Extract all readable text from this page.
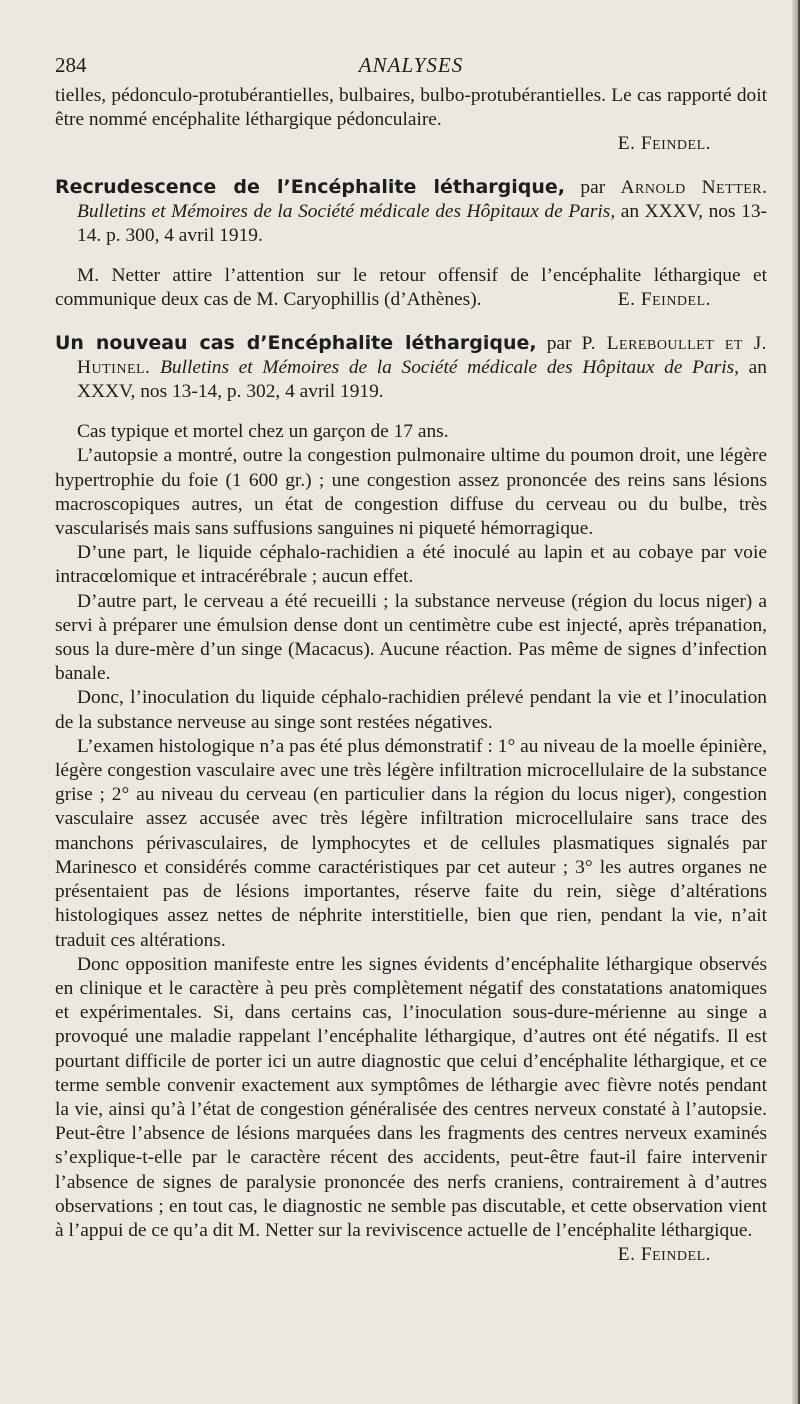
284	ANALYSES

tielles, pédonculo-protubérantielles, bulbaires, bulbo-protubérantielles. Le cas rapporté doit être nommé encéphalite léthargique pédonculaire.

E. Feindel.

Recrudescence de l’Encéphalite léthargique, par Arnold Netter. Bulletins et Mémoires de la Société médicale des Hôpitaux de Paris, an XXXV, nos 13-14. p. 300, 4 avril 1919.

M. Netter attire l’attention sur le retour offensif de l’encéphalite léthargique et communique deux cas de M. Caryophillis (d’Athènes).	E. Feindel.

Un nouveau cas d’Encéphalite léthargique, par P. Lereboullet et J. Hutinel. Bulletins et Mémoires de la Société médicale des Hôpitaux de Paris, an XXXV, nos 13-14, p. 302, 4 avril 1919.

Cas typique et mortel chez un garçon de 17 ans.

L’autopsie a montré, outre la congestion pulmonaire ultime du poumon droit, une légère hypertrophie du foie (1 600 gr.) ; une congestion assez prononcée des reins sans lésions macroscopiques autres, un état de congestion diffuse du cerveau ou du bulbe, très vascularisés mais sans suffusions sanguines ni piqueté hémorragique.

D’une part, le liquide céphalo-rachidien a été inoculé au lapin et au cobaye par voie intracœlomique et intracérébrale ; aucun effet.

D’autre part, le cerveau a été recueilli ; la substance nerveuse (région du locus niger) a servi à préparer une émulsion dense dont un centimètre cube est injecté, après trépanation, sous la dure-mère d’un singe (Macacus). Aucune réaction. Pas même de signes d’infection banale.

Donc, l’inoculation du liquide céphalo-rachidien prélevé pendant la vie et l’inoculation de la substance nerveuse au singe sont restées négatives.

L’examen histologique n’a pas été plus démonstratif : 1° au niveau de la moelle épinière, légère congestion vasculaire avec une très légère infiltration microcellulaire de la substance grise ; 2° au niveau du cerveau (en particulier dans la région du locus niger), congestion vasculaire assez accusée avec très légère infiltration microcellulaire sans trace des manchons périvasculaires, de lymphocytes et de cellules plasmatiques signalés par Marinesco et considérés comme caractéristiques par cet auteur ; 3° les autres organes ne présentaient pas de lésions importantes, réserve faite du rein, siège d’altérations histologiques assez nettes de néphrite interstitielle, bien que rien, pendant la vie, n’ait traduit ces altérations.

Donc opposition manifeste entre les signes évidents d’encéphalite léthargique observés en clinique et le caractère à peu près complètement négatif des constatations anatomiques et expérimentales. Si, dans certains cas, l’inoculation sous-dure-mérienne au singe a provoqué une maladie rappelant l’encéphalite léthargique, d’autres ont été négatifs. Il est pourtant difficile de porter ici un autre diagnostic que celui d’encéphalite léthargique, et ce terme semble convenir exactement aux symptômes de léthargie avec fièvre notés pendant la vie, ainsi qu’à l’état de congestion généralisée des centres nerveux constaté à l’autopsie. Peut-être l’absence de lésions marquées dans les fragments des centres nerveux examinés s’explique-t-elle par le caractère récent des accidents, peut-être faut-il faire intervenir l’absence de signes de paralysie prononcée des nerfs craniens, contrairement à d’autres observations ; en tout cas, le diagnostic ne semble pas discutable, et cette observation vient à l’appui de ce qu’a dit M. Netter sur la reviviscence actuelle de l’encéphalite léthargique.
E. Feindel.
